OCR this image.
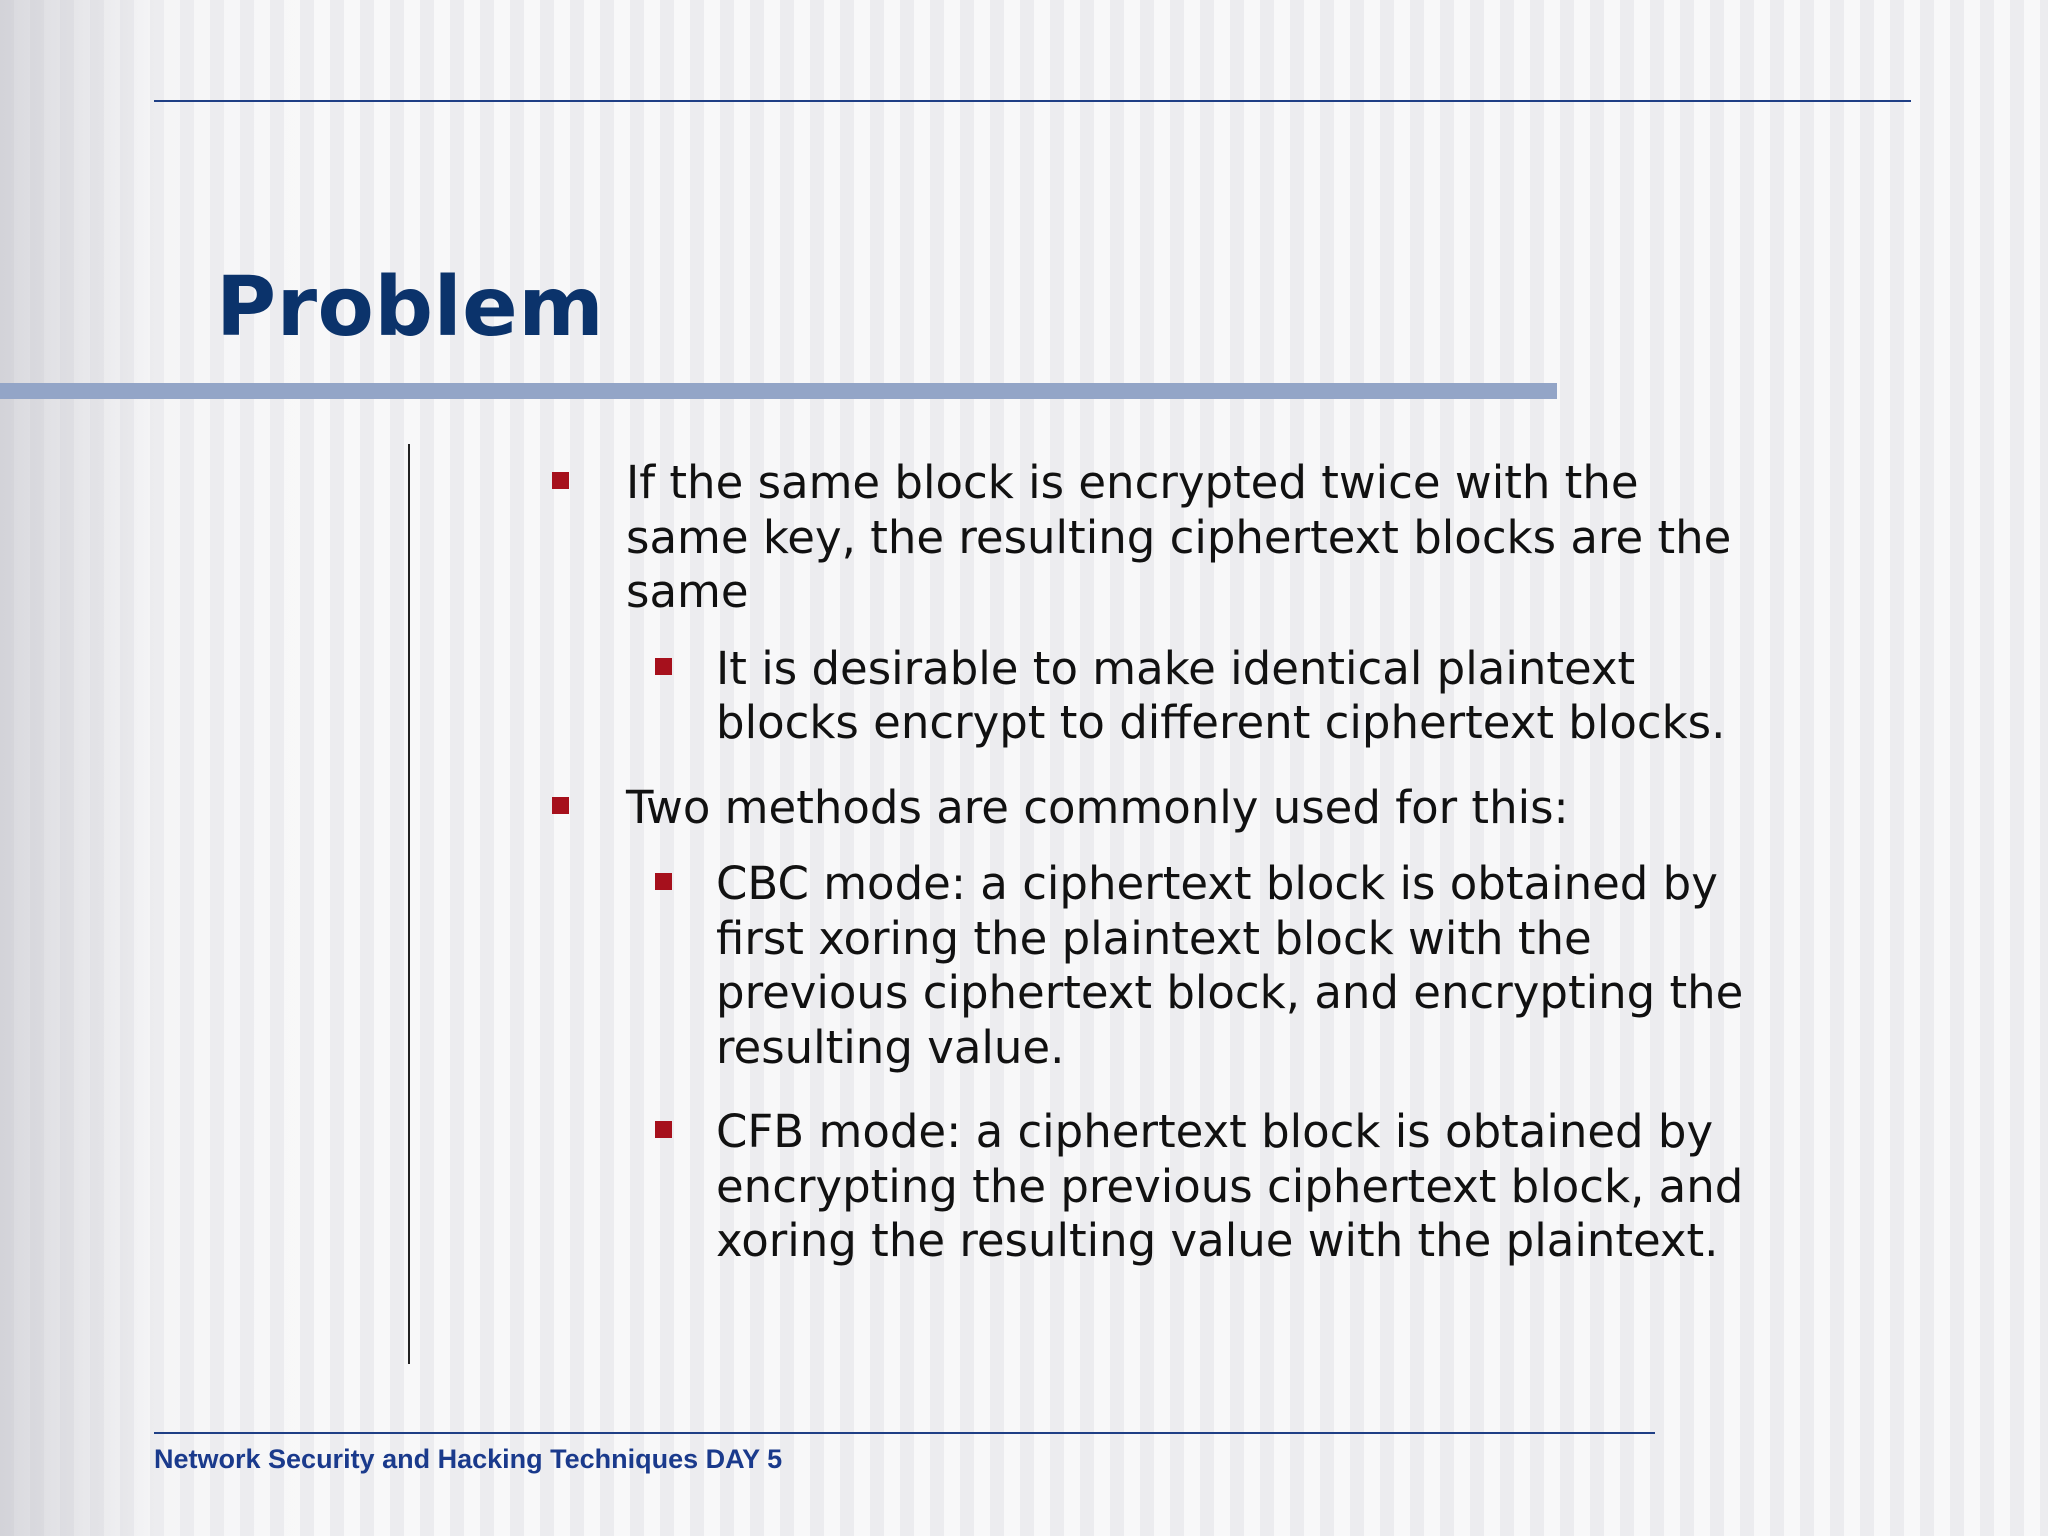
Problem
If the same block is encrypted twice with the same key, the resulting ciphertext blocks are the same
It is desirable to make identical plaintext blocks encrypt to different ciphertext blocks.
Two methods are commonly used for this:
CBC mode: a ciphertext block is obtained by first xoring the plaintext block with the previous ciphertext block, and encrypting the resulting value.
CFB mode: a ciphertext block is obtained by encrypting the previous ciphertext block, and xoring the resulting value with the plaintext.
Network Security and Hacking Techniques DAY 5
